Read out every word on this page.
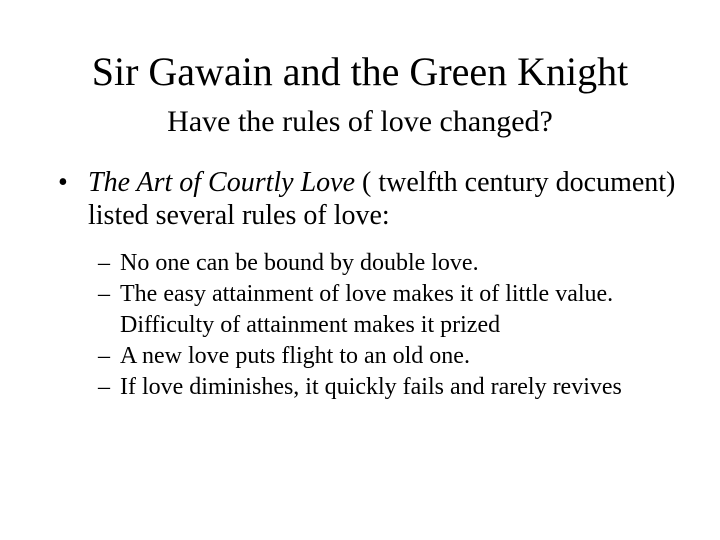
Sir Gawain and the Green Knight
Have the rules of love changed?
• The Art of Courtly Love ( twelfth century document) listed several rules of love:
– No one can be bound by double love.
– The easy attainment of love makes it of little value. Difficulty of attainment makes it prized
– A new love puts flight to an old one.
– If love diminishes, it quickly fails and rarely revives
